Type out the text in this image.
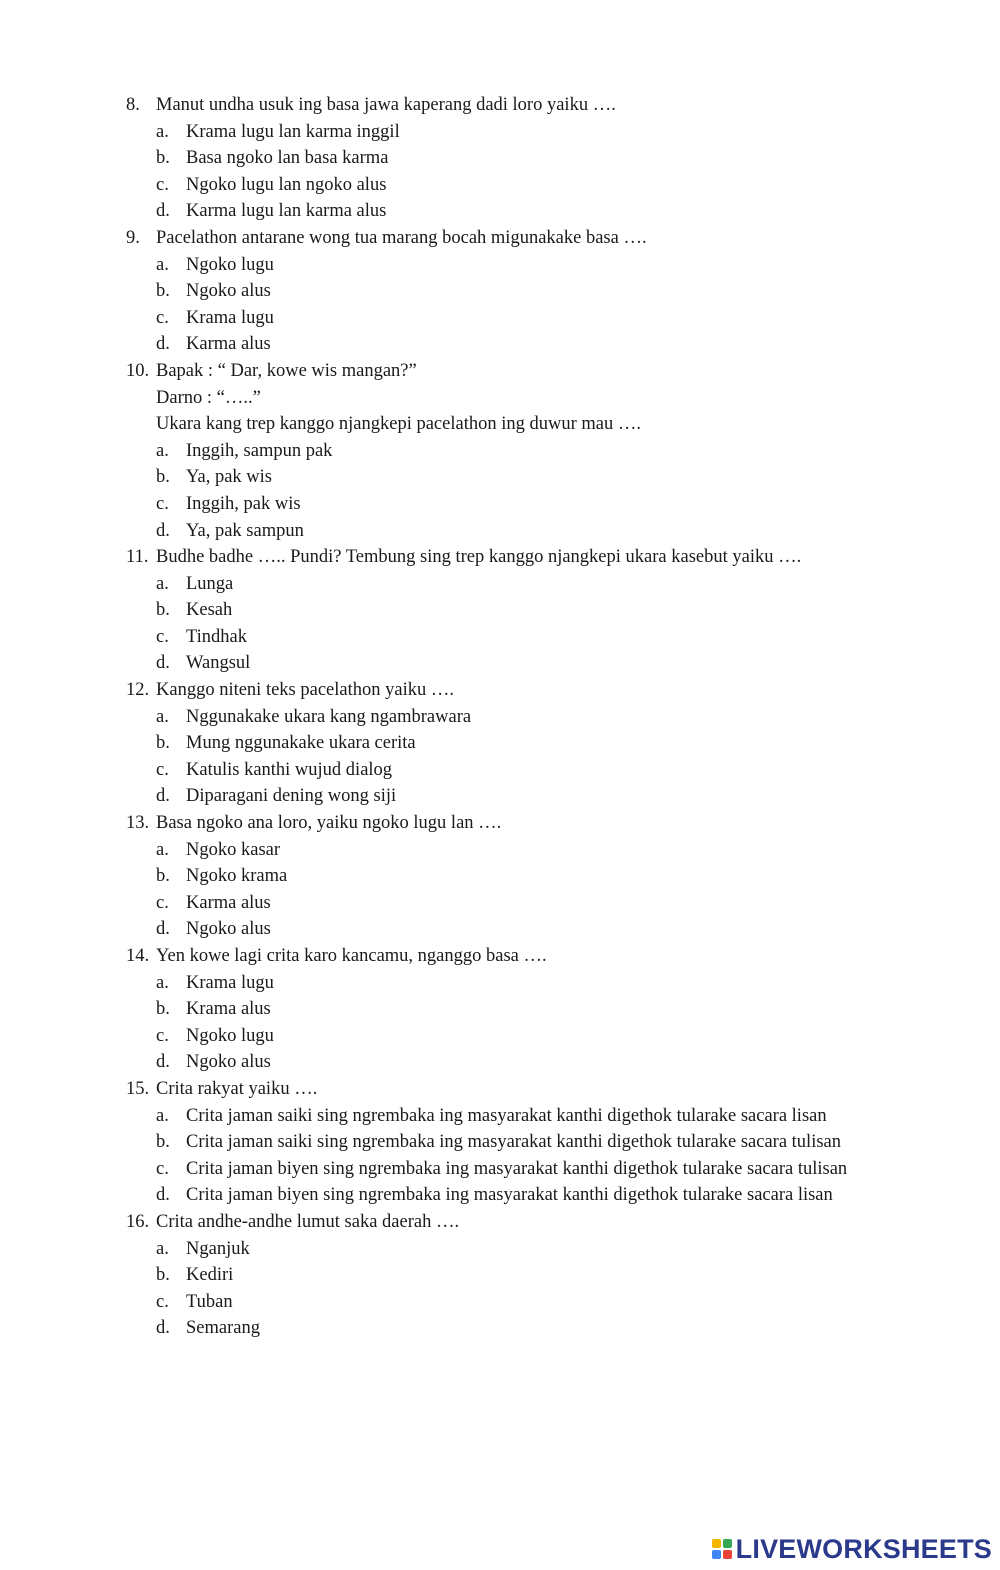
8. Manut undha usuk ing basa jawa kaperang dadi loro yaiku ….
a. Krama lugu lan karma inggil
b. Basa ngoko lan basa karma
c. Ngoko lugu lan ngoko alus
d. Karma lugu lan karma alus
9. Pacelathon antarane wong tua marang bocah migunakake basa ….
a. Ngoko lugu
b. Ngoko alus
c. Krama lugu
d. Karma alus
10. Bapak : “ Dar, kowe wis mangan?”
Darno : “…..”
Ukara kang trep kanggo njangkepi pacelathon ing duwur mau ….
a. Inggih, sampun pak
b. Ya, pak wis
c. Inggih, pak wis
d. Ya, pak sampun
11. Budhe badhe ….. Pundi? Tembung sing trep kanggo njangkepi ukara kasebut yaiku ….
a. Lunga
b. Kesah
c. Tindhak
d. Wangsul
12. Kanggo niteni teks pacelathon yaiku ….
a. Nggunakake ukara kang ngambrawara
b. Mung nggunakake ukara cerita
c. Katulis kanthi wujud dialog
d. Diparagani dening wong siji
13. Basa ngoko ana loro, yaiku ngoko lugu lan ….
a. Ngoko kasar
b. Ngoko krama
c. Karma alus
d. Ngoko alus
14. Yen kowe lagi crita karo kancamu, nganggo basa ….
a. Krama lugu
b. Krama alus
c. Ngoko lugu
d. Ngoko alus
15. Crita rakyat yaiku ….
a. Crita jaman saiki sing ngrembaka ing masyarakat kanthi digethok tularake sacara lisan
b. Crita jaman saiki sing ngrembaka ing masyarakat kanthi digethok tularake sacara tulisan
c. Crita jaman biyen sing ngrembaka ing masyarakat kanthi digethok tularake sacara tulisan
d. Crita jaman biyen sing ngrembaka ing masyarakat kanthi digethok tularake sacara lisan
16. Crita andhe-andhe lumut saka daerah ….
a. Nganjuk
b. Kediri
c. Tuban
d. Semarang
LIVEWORKSHEETS
